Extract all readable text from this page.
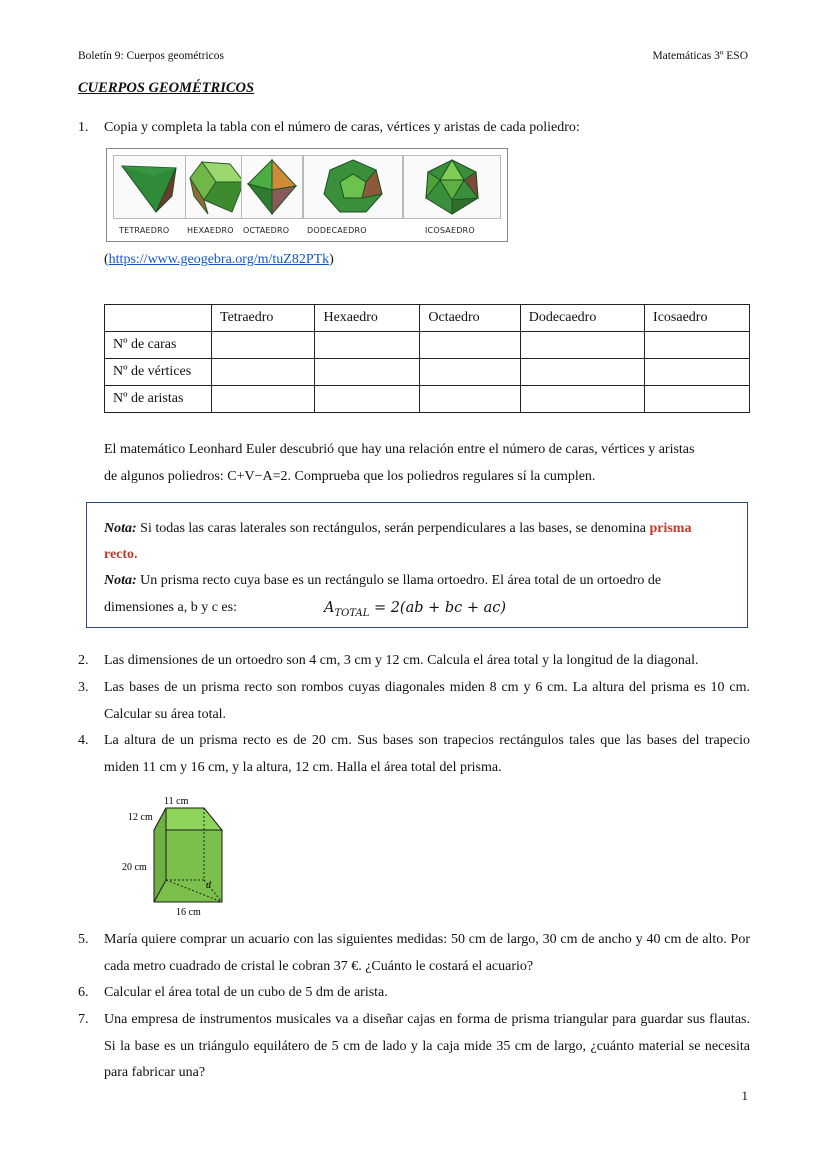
Boletín 9: Cuerpos geométricos	Matemáticas 3º ESO
CUERPOS GEOMÉTRICOS
1. Copia y completa la tabla con el número de caras, vértices y aristas de cada poliedro:
TETRAEDRO HEXAEDRO OCTAEDRO DODECAEDRO	ICOSAEDRO
(https://www.geogebra.org/m/tuZ82PTk)
	Tetraedro	Hexaedro	Octaedro	Dodecaedro	Icosaedro
Nº de caras					
Nº de vértices					
Nº de aristas					
El matemático Leonhard Euler descubrió que hay una relación entre el número de caras, vértices y aristas
de algunos poliedros: C+V−A=2. Comprueba que los poliedros regulares sí la cumplen.
Nota: Si todas las caras laterales son rectángulos, serán perpendiculares a las bases, se denomina prisma
recto.
Nota: Un prisma recto cuya base es un rectángulo se llama ortoedro. El área total de un ortoedro de
dimensiones a, b y c es:	$A_{TOTAL} = 2(ab$ + bc + ac)
2. Las dimensiones de un ortoedro son 4 cm, 3 cm y 12 cm. Calcula el área total y la longitud de la diagonal.
3. Las bases de un prisma recto son rombos cuyas diagonales miden 8 cm y 6 cm. La altura del prisma es 10 cm. Calcular su área total.
4. La altura de un prisma recto es de 20 cm. Sus bases son trapecios rectángulos tales que las bases del trapecio miden 11 cm y 16 cm, y la altura, 12 cm. Halla el área total del prisma.
11 cm
12 cm
20 cm
16 cm
d
5. María quiere comprar un acuario con las siguientes medidas: 50 cm de largo, 30 cm de ancho y 40 cm de alto. Por cada metro cuadrado de cristal le cobran 37 €. ¿Cuánto le costará el acuario?
6. Calcular el área total de un cubo de 5 dm de arista.
7. Una empresa de instrumentos musicales va a diseñar cajas en forma de prisma triangular para guardar sus flautas. Si la base es un triángulo equilátero de 5 cm de lado y la caja mide 35 cm de largo, ¿cuánto material se necesita para fabricar una?
1
